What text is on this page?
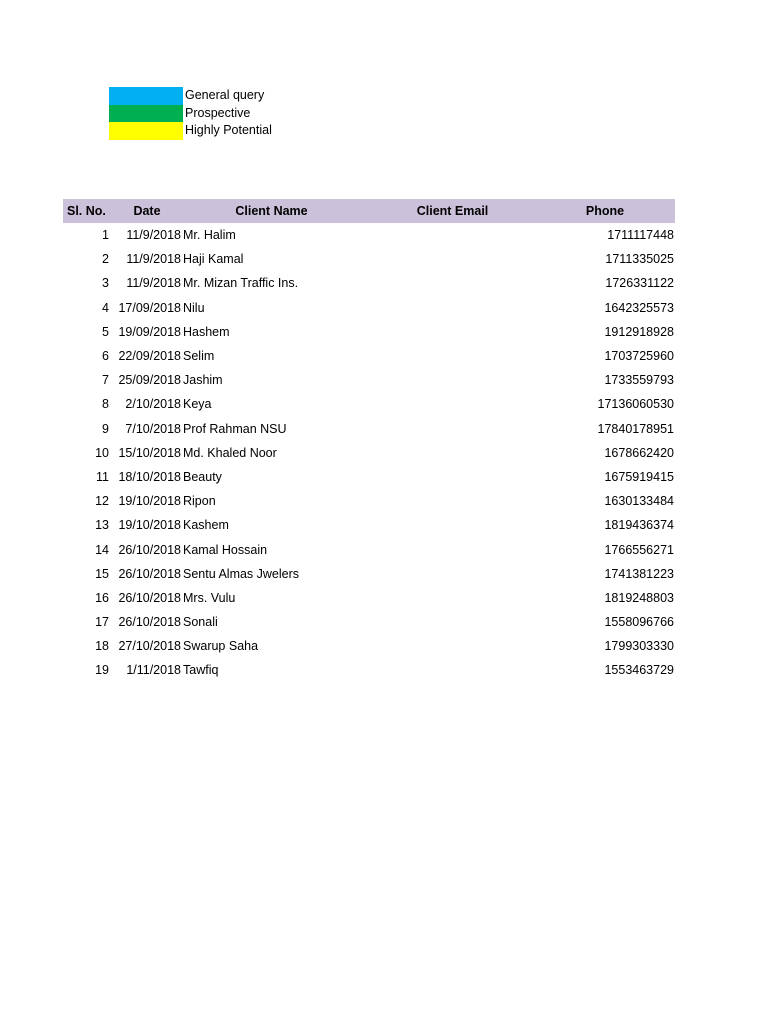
General query
Prospective
Highly Potential
Sl. No.	Date	Client Name	Client Email	Phone
1	11/9/2018 Mr. Halim	1711117448
2	11/9/2018 Haji Kamal	1711335025
3	11/9/2018 Mr. Mizan Traffic Ins.	1726331122
4 17/09/2018 Nilu	1642325573
5 19/09/2018 Hashem	1912918928
6 22/09/2018 Selim	1703725960
7 25/09/2018 Jashim	1733559793
8	2/10/2018 Keya	17136060530
9	7/10/2018 Prof Rahman NSU	17840178951
10 15/10/2018 Md. Khaled Noor	1678662420
11 18/10/2018 Beauty	1675919415
12 19/10/2018 Ripon	1630133484
13 19/10/2018 Kashem	1819436374
14 26/10/2018 Kamal Hossain	1766556271
15 26/10/2018 Sentu Almas Jwelers	1741381223
16 26/10/2018 Mrs. Vulu	1819248803
17 26/10/2018 Sonali	1558096766
18 27/10/2018 Swarup Saha	1799303330
19	1/11/2018 Tawfiq	1553463729
